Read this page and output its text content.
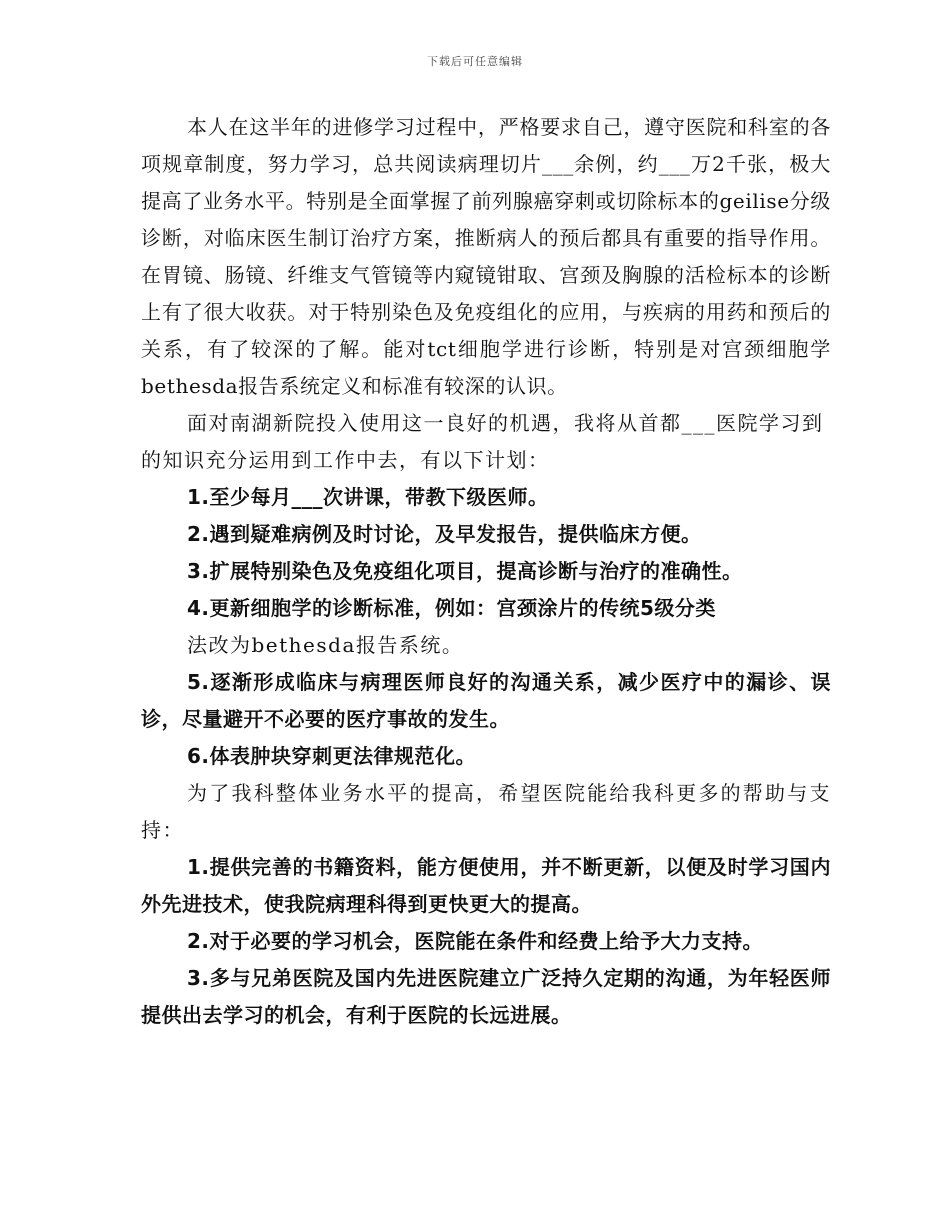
下载后可任意编辑

本人在这半年的进修学习过程中，严格要求自己，遵守医院和科室的各项规章制度，努力学习，总共阅读病理切片___余例，约___万2千张，极大提高了业务水平。特别是全面掌握了前列腺癌穿刺或切除标本的geilise分级诊断，对临床医生制订治疗方案，推断病人的预后都具有重要的指导作用。在胃镜、肠镜、纤维支气管镜等内窥镜钳取、宫颈及胸腺的活检标本的诊断上有了很大收获。对于特别染色及免疫组化的应用，与疾病的用药和预后的关系，有了较深的了解。能对tct细胞学进行诊断，特别是对宫颈细胞学bethesda报告系统定义和标准有较深的认识。

面对南湖新院投入使用这一良好的机遇，我将从首都___医院学习到的知识充分运用到工作中去，有以下计划：

1.至少每月___次讲课，带教下级医师。

2.遇到疑难病例及时讨论，及早发报告，提供临床方便。

3.扩展特别染色及免疫组化项目，提高诊断与治疗的准确性。

4.更新细胞学的诊断标准，例如：宫颈涂片的传统5级分类

法改为bethesda报告系统。

5.逐渐形成临床与病理医师良好的沟通关系，减少医疗中的漏诊、误诊，尽量避开不必要的医疗事故的发生。

6.体表肿块穿刺更法律规范化。

为了我科整体业务水平的提高，希望医院能给我科更多的帮助与支持：

1.提供完善的书籍资料，能方便使用，并不断更新，以便及时学习国内外先进技术，使我院病理科得到更快更大的提高。

2.对于必要的学习机会，医院能在条件和经费上给予大力支持。

3.多与兄弟医院及国内先进医院建立广泛持久定期的沟通，为年轻医师提供出去学习的机会，有利于医院的长远进展。
